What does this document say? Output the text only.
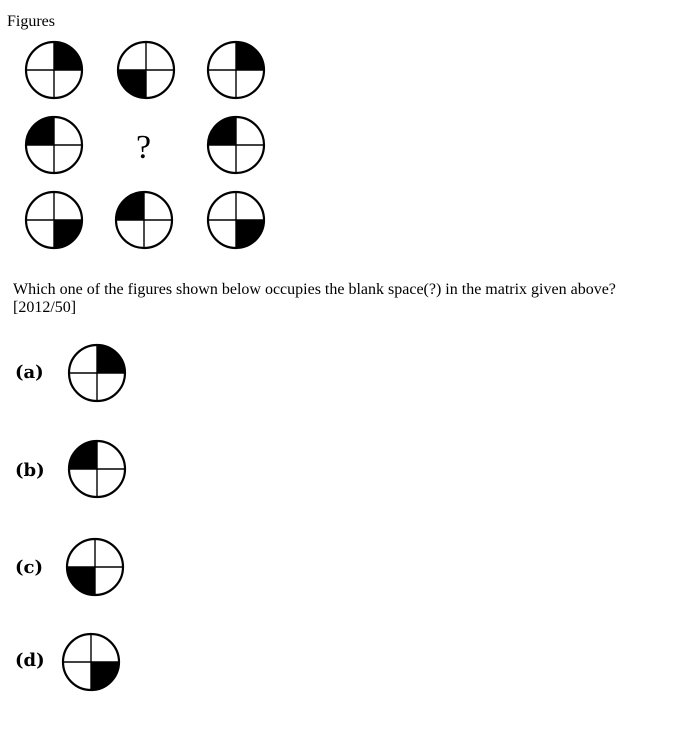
Figures
?
Which one of the figures shown below occupies the blank space(?) in the matrix given above?
[2012/50]
(a)
(b)
(c)
(d)
